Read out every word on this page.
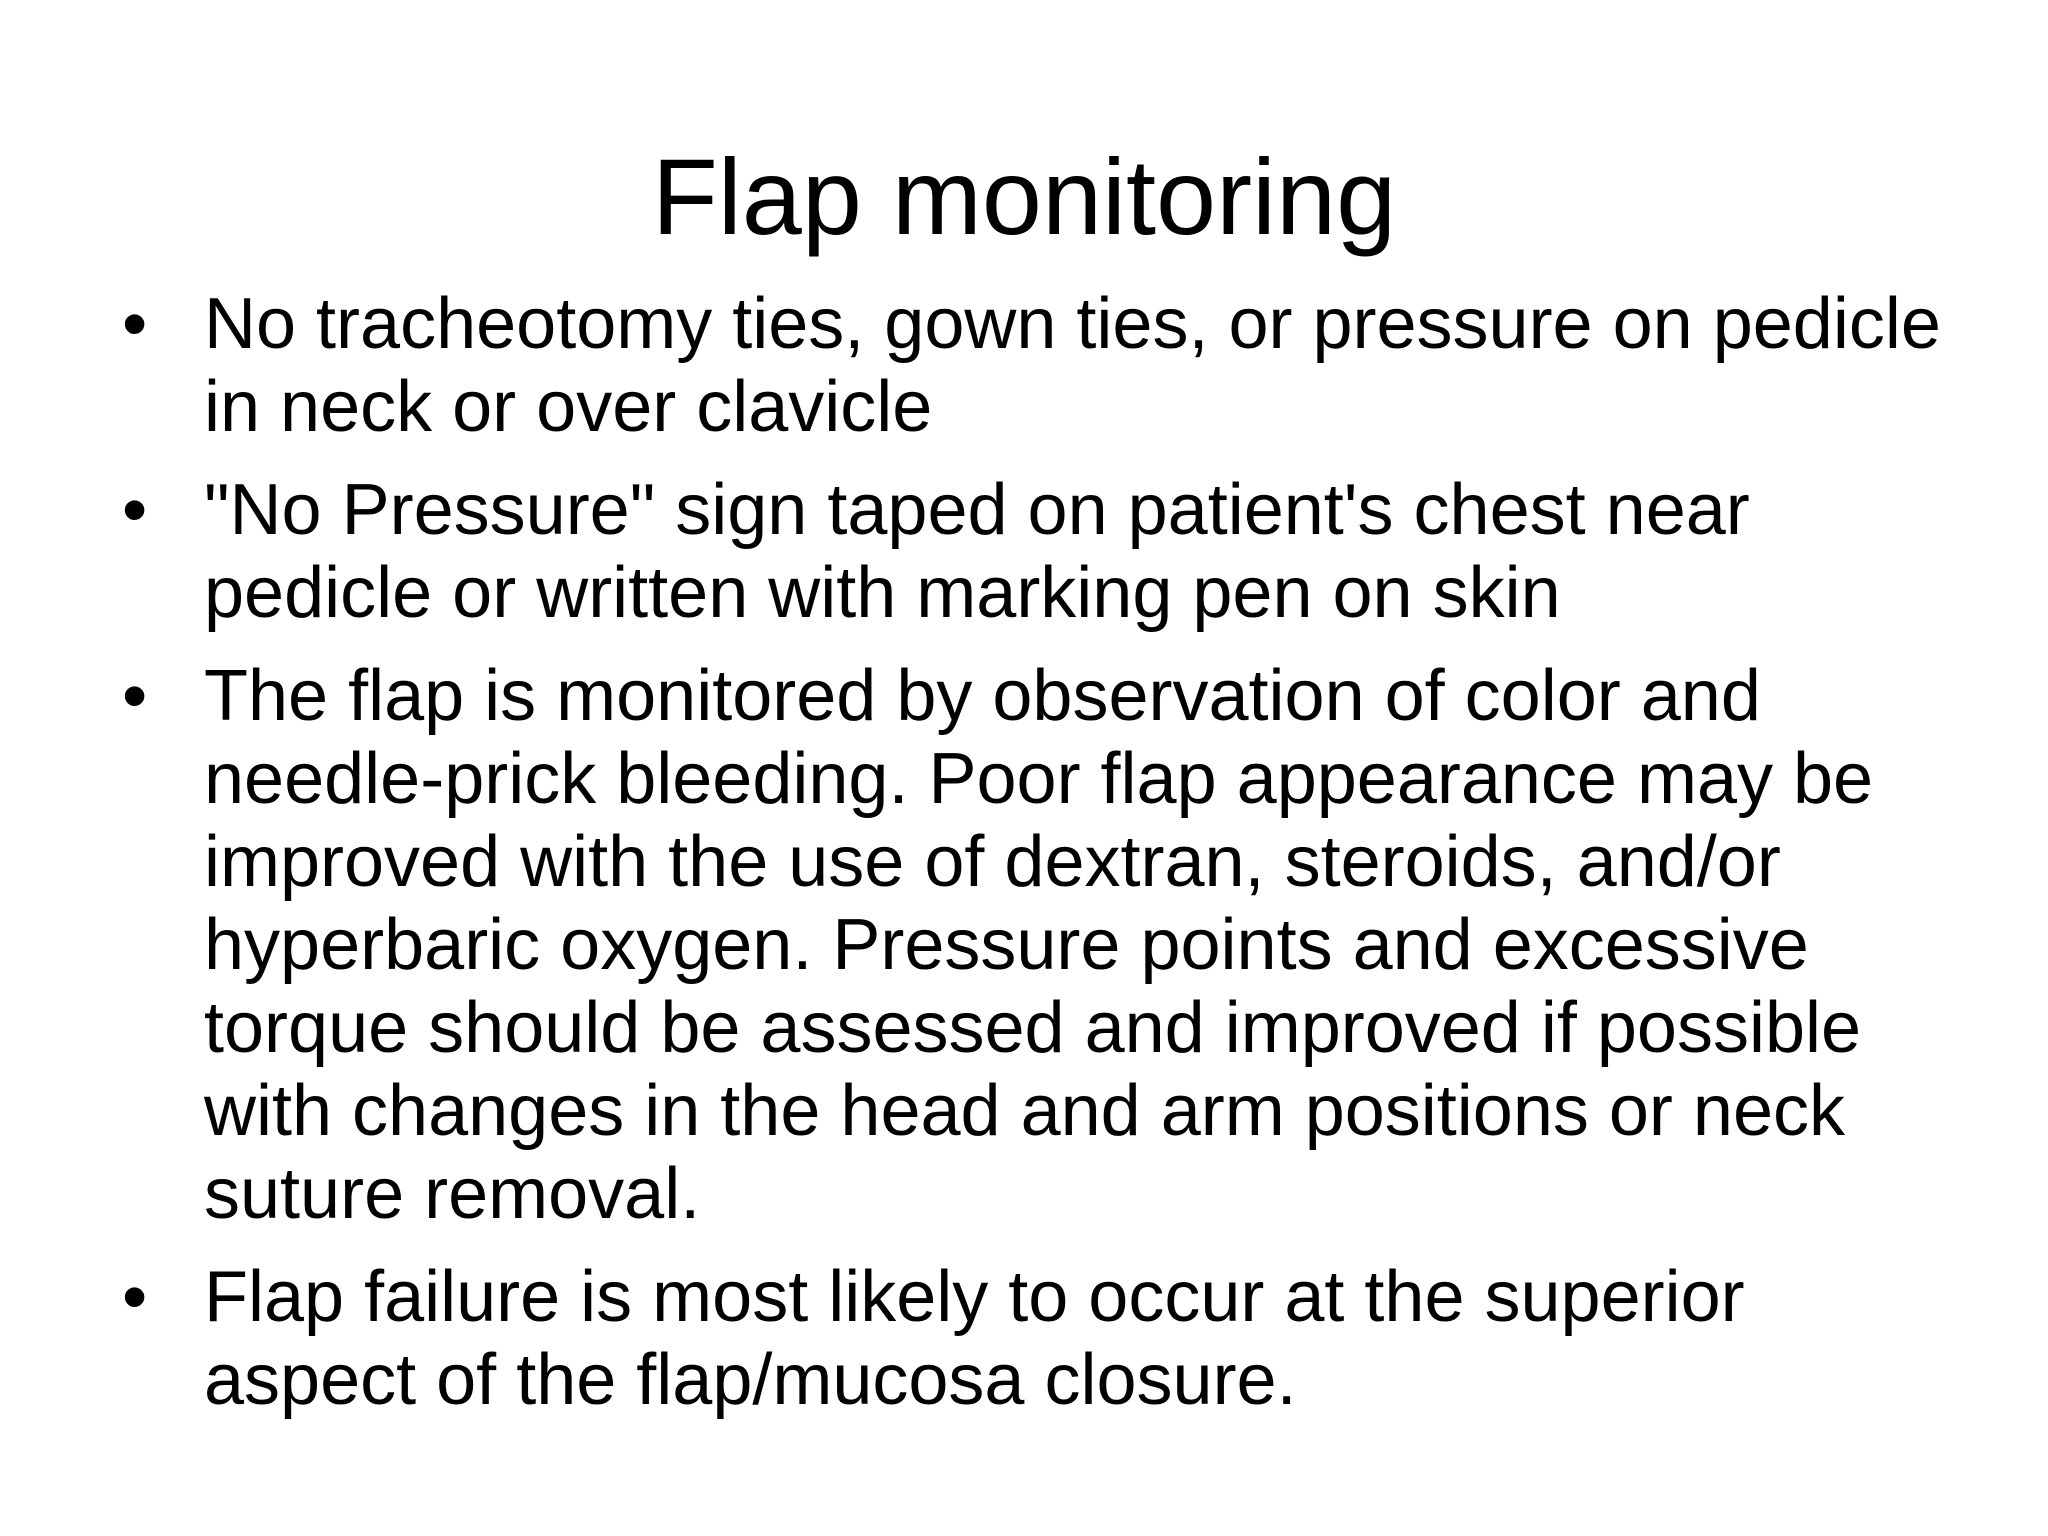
Flap monitoring
• No tracheotomy ties, gown ties, or pressure on pedicle in neck or over clavicle
• "No Pressure" sign taped on patient's chest near pedicle or written with marking pen on skin
• The flap is monitored by observation of color and needle-prick bleeding. Poor flap appearance may be improved with the use of dextran, steroids, and/or hyperbaric oxygen. Pressure points and excessive torque should be assessed and improved if possible with changes in the head and arm positions or neck suture removal.
• Flap failure is most likely to occur at the superior aspect of the flap/mucosa closure.
